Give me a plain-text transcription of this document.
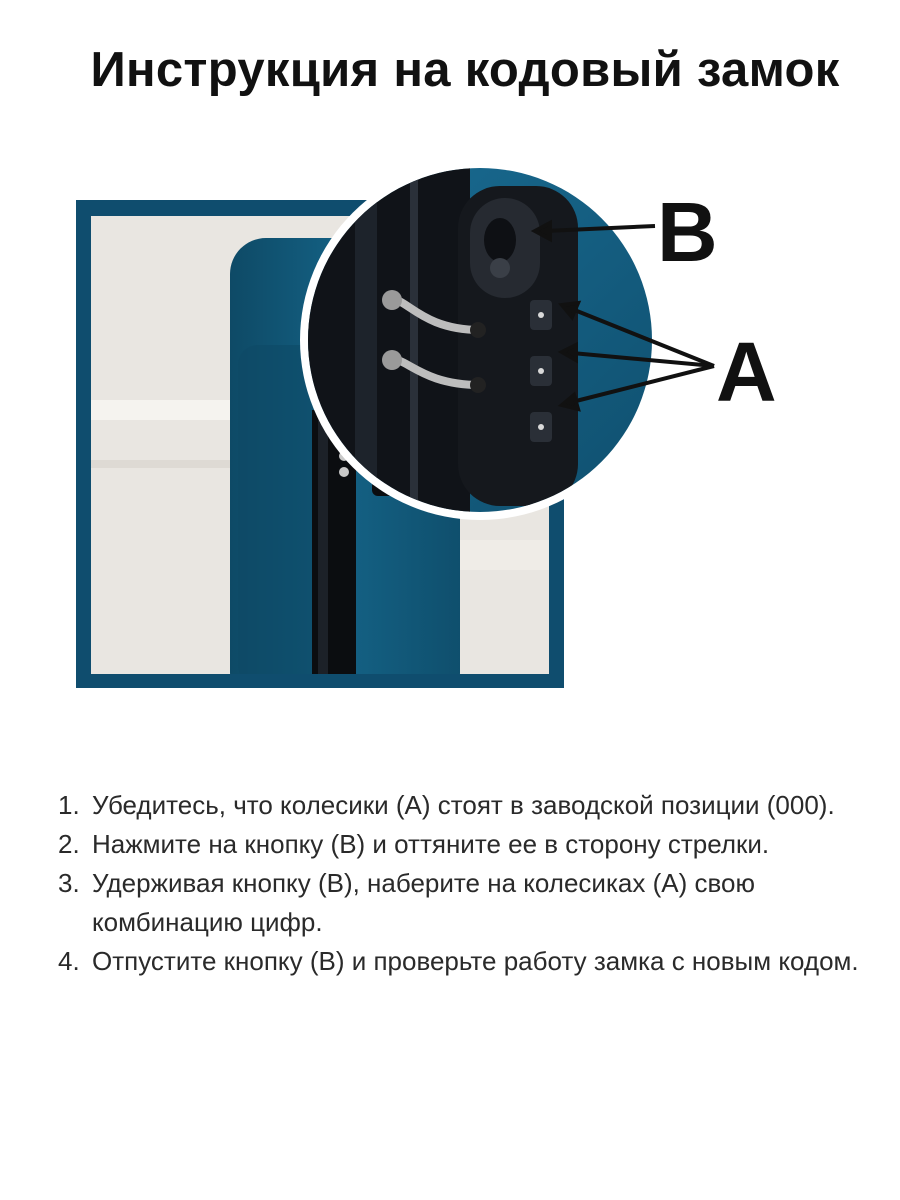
Инструкция на кодовый замок
B
A
1. Убедитесь, что колесики (А) стоят в заводской позиции (000).
2. Нажмите на кнопку (В) и оттяните ее в сторону стрелки.
3. Удерживая кнопку (В), наберите на колесиках (А) свою комбинацию цифр.
4. Отпустите кнопку (В) и проверьте работу замка с новым кодом.
